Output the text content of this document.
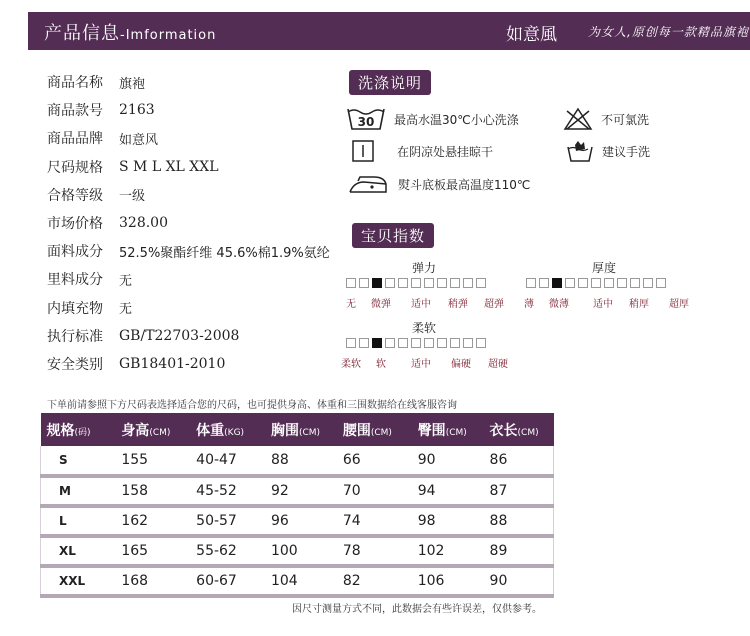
产品信息-Imformation	如意風	为女人,原创每一款精品旗袍
商品名称	旗袍
商品款号	2163
商品品牌	如意风
尺码规格	S M L XL XXL
合格等级	一级
市场价格	328.00
面料成分	52.5%聚酯纤维 45.6%棉1.9%氨纶
里料成分	无
内填充物	无
执行标准	GB/T22703-2008
安全类别	GB18401-2010
洗涤说明
30 最高水温30℃小心洗涤	不可氯洗
在阴凉处悬挂晾干	建议手洗
熨斗底板最高温度110℃
宝贝指数
弹力
无 微弹 适中 稍弹 超弹
厚度
薄 微薄 适中 稍厚 超厚
柔软
柔软 软	适中 偏硬 超硬
下单前请参照下方尺码表选择适合您的尺码，也可提供身高、体重和三围数据给在线客服咨询
规格(码)	身高(CM)	体重(KG)	胸围(CM)	腰围(CM)	臀围(CM)	衣长(CM)
S	155	40-47	88	66	90	86
M	158	45-52	92	70	94	87
L	162	50-57	96	74	98	88
XL	165	55-62	100	78	102	89
XXL	168	60-67	104	82	106	90
因尺寸测量方式不同，此数据会有些许误差，仅供参考。
